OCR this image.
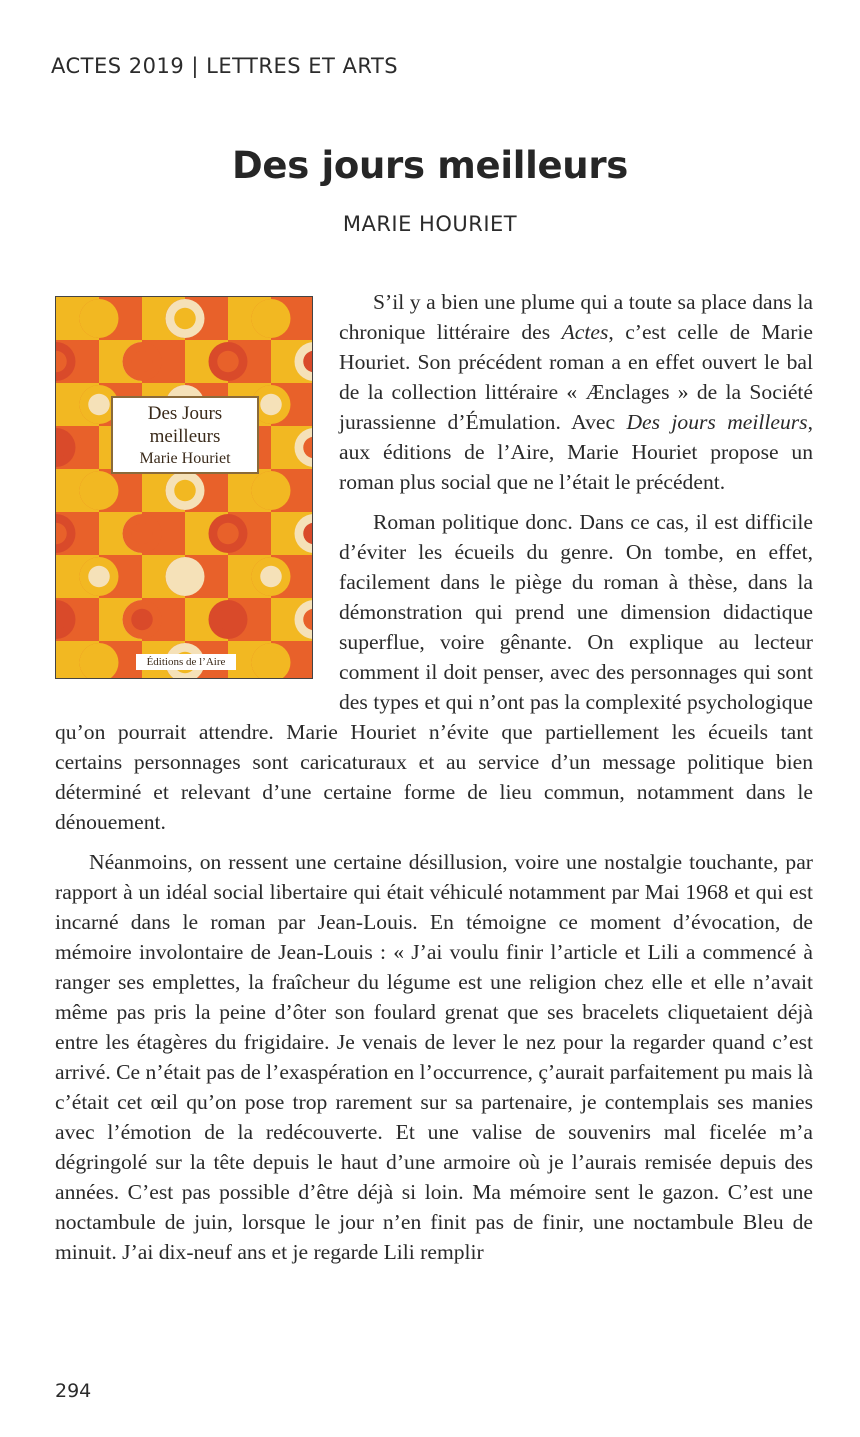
ACTES 2019 | LETTRES ET ARTS
Des jours meilleurs
MARIE HOURIET
Des Jours
meilleurs
Marie Houriet
Éditions de l’Aire

S’il y a bien une plume qui a toute sa place dans la chronique littéraire des Actes, c’est celle de Marie Houriet. Son précédent roman a en effet ouvert le bal de la collection littéraire « Ænclages » de la Société jurassienne d’Émulation. Avec Des jours meilleurs, aux éditions de l’Aire, Marie Houriet propose un roman plus social que ne l’était le précédent.

Roman politique donc. Dans ce cas, il est difficile d’éviter les écueils du genre. On tombe, en effet, facilement dans le piège du roman à thèse, dans la démonstration qui prend une dimension didactique superflue, voire gênante. On explique au lecteur comment il doit penser, avec des personnages qui sont des types et qui n’ont pas la complexité psychologique qu’on pourrait attendre. Marie Houriet n’évite que partiellement les écueils tant certains personnages sont caricaturaux et au service d’un message politique bien déterminé et relevant d’une certaine forme de lieu commun, notamment dans le dénouement.

Néanmoins, on ressent une certaine désillusion, voire une nostalgie touchante, par rapport à un idéal social libertaire qui était véhiculé notamment par Mai 1968 et qui est incarné dans le roman par Jean-Louis. En témoigne ce moment d’évocation, de mémoire involontaire de Jean-Louis : « J’ai voulu finir l’article et Lili a commencé à ranger ses emplettes, la fraîcheur du légume est une religion chez elle et elle n’avait même pas pris la peine d’ôter son foulard grenat que ses bracelets cliquetaient déjà entre les étagères du frigidaire. Je venais de lever le nez pour la regarder quand c’est arrivé. Ce n’était pas de l’exaspération en l’occurrence, ç’aurait parfaitement pu mais là c’était cet œil qu’on pose trop rarement sur sa partenaire, je contemplais ses manies avec l’émotion de la redécouverte. Et une valise de souvenirs mal ficelée m’a dégringolé sur la tête depuis le haut d’une armoire où je l’aurais remisée depuis des années. C’est pas possible d’être déjà si loin. Ma mémoire sent le gazon. C’est une noctambule de juin, lorsque le jour n’en finit pas de finir, une noctambule Bleu de minuit. J’ai dix-neuf ans et je regarde Lili remplir

294
